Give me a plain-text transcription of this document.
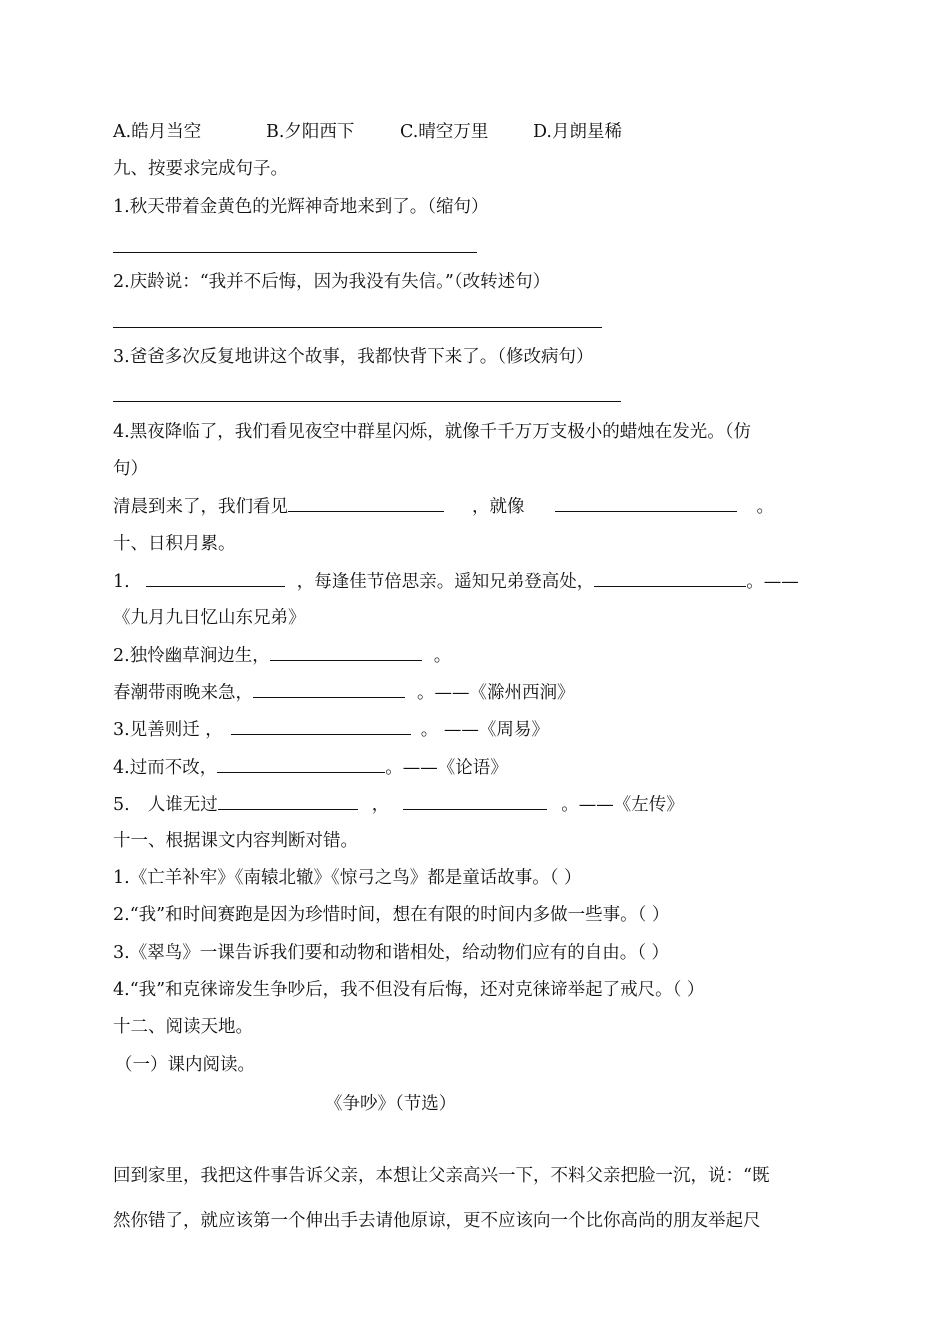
A.皓月当空	B.夕阳西下	C.晴空万里	D.月朗星稀
九、按要求完成句子。
1.秋天带着金黄色的光辉神奇地来到了。（缩句）
2.庆龄说：“我并不后悔，因为我没有失信。”（改转述句）
3.爸爸多次反复地讲这个故事，我都快背下来了。（修改病句）
4.黑夜降临了，我们看见夜空中群星闪烁，就像千千万万支极小的蜡烛在发光。（仿
句）
清晨到来了，我们看见	，就像	。
十、日积月累。
1.	，每逢佳节倍思亲。遥知兄弟登高处，	。——
《九月九日忆山东兄弟》
2.独怜幽草涧边生，	。
春潮带雨晚来急，	。——《滁州西涧》
3.见善则迁 ，	。 ——《周易》
4.过而不改，	。——《论语》
5. 人谁无过	，	。——《左传》
十一、根据课文内容判断对错。
1.《亡羊补牢》《南辕北辙》《惊弓之鸟》都是童话故事。（ ）
2.“我”和时间赛跑是因为珍惜时间，想在有限的时间内多做一些事。（ ）
3.《翠鸟》一课告诉我们要和动物和谐相处，给动物们应有的自由。（ ）
4.“我”和克徕谛发生争吵后，我不但没有后悔，还对克徕谛举起了戒尺。（ ）
十二、阅读天地。
（一）课内阅读。
《争吵》（节选）
回到家里，我把这件事告诉父亲，本想让父亲高兴一下，不料父亲把脸一沉，说：“既
然你错了，就应该第一个伸出手去请他原谅，更不应该向一个比你高尚的朋友举起尺
